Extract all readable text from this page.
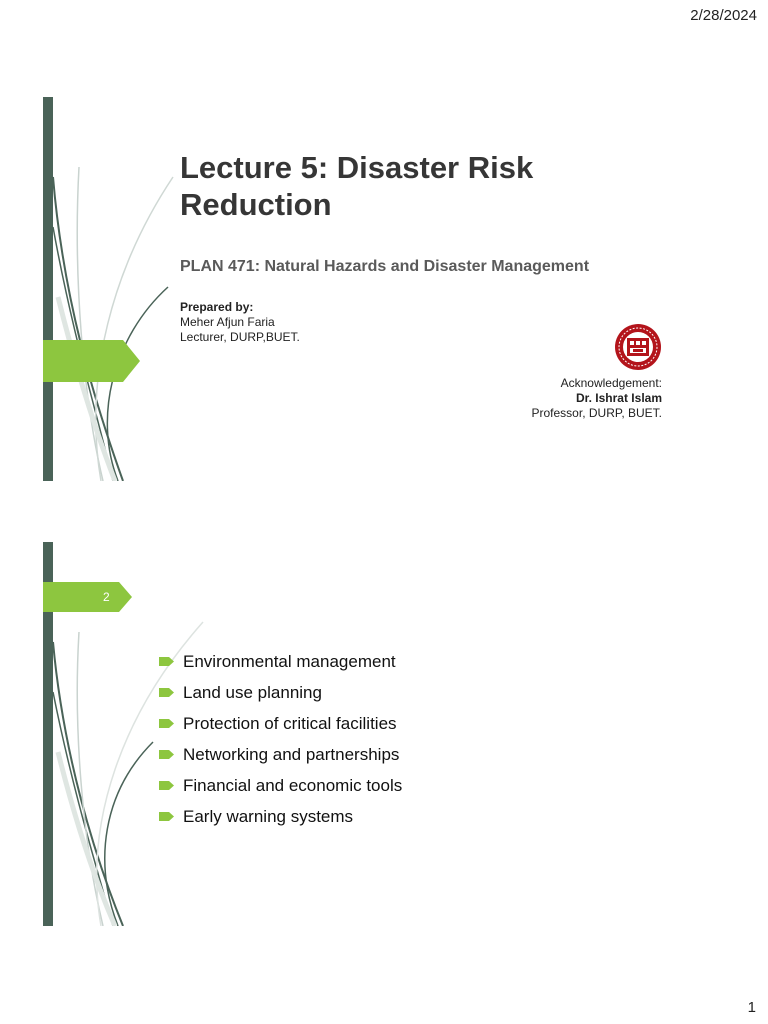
2/28/2024
Lecture 5: Disaster Risk Reduction
PLAN 471: Natural Hazards and Disaster Management
Prepared by:
Meher Afjun Faria
Lecturer, DURP,BUET.
Acknowledgement:
Dr. Ishrat Islam
Professor, DURP, BUET.
2
Environmental management
Land use planning
Protection of critical facilities
Networking and partnerships
Financial and economic tools
Early warning systems
1
